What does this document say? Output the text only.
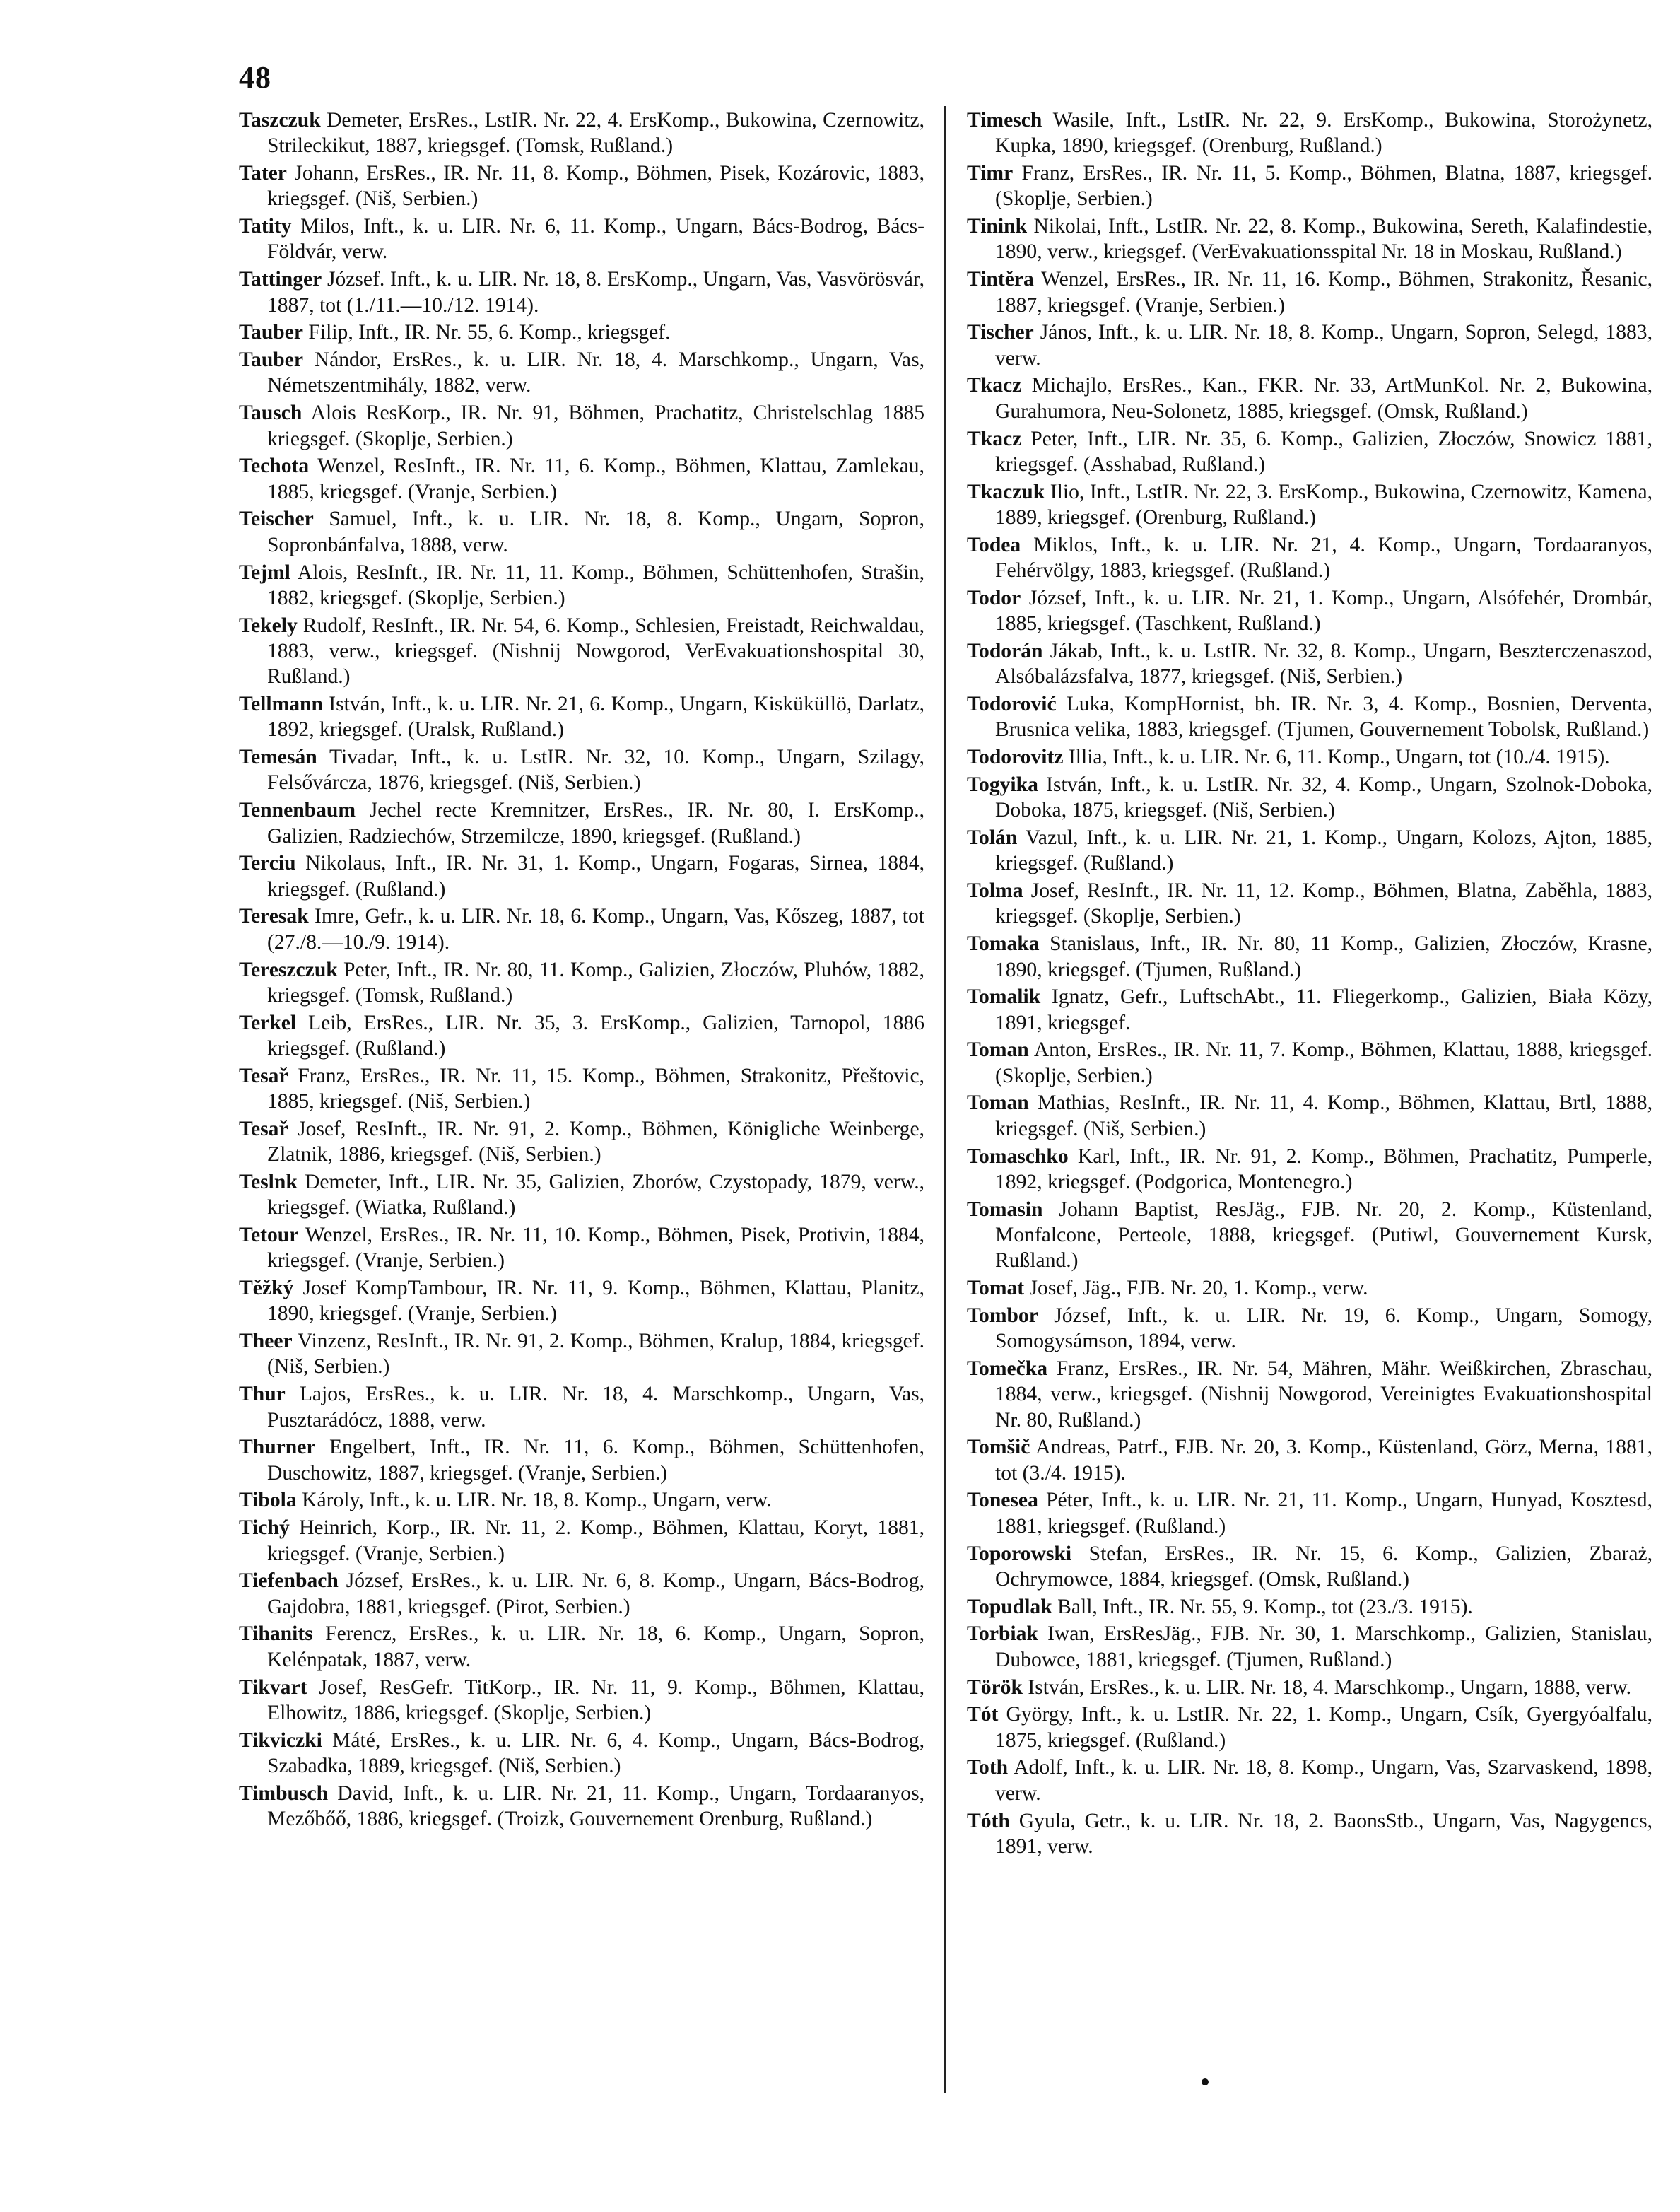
48

Taszczuk Demeter, ErsRes., LstIR. Nr. 22, 4. ErsKomp., Bukowina, Czernowitz, Strileckikut, 1887, kriegsgef. (Tomsk, Rußland.)

Tater Johann, ErsRes., IR. Nr. 11, 8. Komp., Böhmen, Pisek, Kozárovic, 1883, kriegsgef. (Niš, Serbien.)

Tatity Milos, Inft., k. u. LIR. Nr. 6, 11. Komp., Ungarn, Bács-Bodrog, Bács-Földvár, verw.

Tattinger József. Inft., k. u. LIR. Nr. 18, 8. ErsKomp., Ungarn, Vas, Vasvörösvár, 1887, tot (1./11.—10./12. 1914).

Tauber Filip, Inft., IR. Nr. 55, 6. Komp., kriegsgef.

Tauber Nándor, ErsRes., k. u. LIR. Nr. 18, 4. Marschkomp., Ungarn, Vas, Németszentmihály, 1882, verw.

Tausch Alois ResKorp., IR. Nr. 91, Böhmen, Prachatitz, Christelschlag 1885 kriegsgef. (Skoplje, Serbien.)

Techota Wenzel, ResInft., IR. Nr. 11, 6. Komp., Böhmen, Klattau, Zamlekau, 1885, kriegsgef. (Vranje, Serbien.)

Teischer Samuel, Inft., k. u. LIR. Nr. 18, 8. Komp., Ungarn, Sopron, Sopronbánfalva, 1888, verw.

Tejml Alois, ResInft., IR. Nr. 11, 11. Komp., Böhmen, Schüttenhofen, Strašin, 1882, kriegsgef. (Skoplje, Serbien.)

Tekely Rudolf, ResInft., IR. Nr. 54, 6. Komp., Schlesien, Freistadt, Reichwaldau, 1883, verw., kriegsgef. (Nishnij Nowgorod, VerEvakuationshospital 30, Rußland.)

Tellmann István, Inft., k. u. LIR. Nr. 21, 6. Komp., Ungarn, Kisküküllö, Darlatz, 1892, kriegsgef. (Uralsk, Rußland.)

Temesán Tivadar, Inft., k. u. LstIR. Nr. 32, 10. Komp., Ungarn, Szilagy, Felsővárcza, 1876, kriegsgef. (Niš, Serbien.)

Tennenbaum Jechel recte Kremnitzer, ErsRes., IR. Nr. 80, I. ErsKomp., Galizien, Radziechów, Strzemilcze, 1890, kriegsgef. (Rußland.)

Terciu Nikolaus, Inft., IR. Nr. 31, 1. Komp., Ungarn, Fogaras, Sirnea, 1884, kriegsgef. (Rußland.)

Teresak Imre, Gefr., k. u. LIR. Nr. 18, 6. Komp., Ungarn, Vas, Kőszeg, 1887, tot (27./8.—10./9. 1914).

Tereszczuk Peter, Inft., IR. Nr. 80, 11. Komp., Galizien, Złoczów, Pluhów, 1882, kriegsgef. (Tomsk, Rußland.)

Terkel Leib, ErsRes., LIR. Nr. 35, 3. ErsKomp., Galizien, Tarnopol, 1886 kriegsgef. (Rußland.)

Tesař Franz, ErsRes., IR. Nr. 11, 15. Komp., Böhmen, Strakonitz, Přeštovic, 1885, kriegsgef. (Niš, Serbien.)

Tesař Josef, ResInft., IR. Nr. 91, 2. Komp., Böhmen, Königliche Weinberge, Zlatnik, 1886, kriegsgef. (Niš, Serbien.)

Teslnk Demeter, Inft., LIR. Nr. 35, Galizien, Zborów, Czystopady, 1879, verw., kriegsgef. (Wiatka, Rußland.)

Tetour Wenzel, ErsRes., IR. Nr. 11, 10. Komp., Böhmen, Pisek, Protivin, 1884, kriegsgef. (Vranje, Serbien.)

Těžký Josef KompTambour, IR. Nr. 11, 9. Komp., Böhmen, Klattau, Planitz, 1890, kriegsgef. (Vranje, Serbien.)

Theer Vinzenz, ResInft., IR. Nr. 91, 2. Komp., Böhmen, Kralup, 1884, kriegsgef. (Niš, Serbien.)

Thur Lajos, ErsRes., k. u. LIR. Nr. 18, 4. Marschkomp., Ungarn, Vas, Pusztarádócz, 1888, verw.

Thurner Engelbert, Inft., IR. Nr. 11, 6. Komp., Böhmen, Schüttenhofen, Duschowitz, 1887, kriegsgef. (Vranje, Serbien.)

Tibola Károly, Inft., k. u. LIR. Nr. 18, 8. Komp., Ungarn, verw.

Tichý Heinrich, Korp., IR. Nr. 11, 2. Komp., Böhmen, Klattau, Koryt, 1881, kriegsgef. (Vranje, Serbien.)

Tiefenbach József, ErsRes., k. u. LIR. Nr. 6, 8. Komp., Ungarn, Bács-Bodrog, Gajdobra, 1881, kriegsgef. (Pirot, Serbien.)

Tihanits Ferencz, ErsRes., k. u. LIR. Nr. 18, 6. Komp., Ungarn, Sopron, Kelénpatak, 1887, verw.

Tikvart Josef, ResGefr. TitKorp., IR. Nr. 11, 9. Komp., Böhmen, Klattau, Elhowitz, 1886, kriegsgef. (Skoplje, Serbien.)

Tikviczki Máté, ErsRes., k. u. LIR. Nr. 6, 4. Komp., Ungarn, Bács-Bodrog, Szabadka, 1889, kriegsgef. (Niš, Serbien.)

Timbusch David, Inft., k. u. LIR. Nr. 21, 11. Komp., Ungarn, Tordaaranyos, Mezőbőő, 1886, kriegsgef. (Troizk, Gouvernement Orenburg, Rußland.)

Timesch Wasile, Inft., LstIR. Nr. 22, 9. ErsKomp., Bukowina, Storożynetz, Kupka, 1890, kriegsgef. (Orenburg, Rußland.)

Timr Franz, ErsRes., IR. Nr. 11, 5. Komp., Böhmen, Blatna, 1887, kriegsgef. (Skoplje, Serbien.)

Tinink Nikolai, Inft., LstIR. Nr. 22, 8. Komp., Bukowina, Sereth, Kalafindestie, 1890, verw., kriegsgef. (VerEvakuationsspital Nr. 18 in Moskau, Rußland.)

Tintěra Wenzel, ErsRes., IR. Nr. 11, 16. Komp., Böhmen, Strakonitz, Řesanic, 1887, kriegsgef. (Vranje, Serbien.)

Tischer János, Inft., k. u. LIR. Nr. 18, 8. Komp., Ungarn, Sopron, Selegd, 1883, verw.

Tkacz Michajlo, ErsRes., Kan., FKR. Nr. 33, ArtMunKol. Nr. 2, Bukowina, Gurahumora, Neu-Solonetz, 1885, kriegsgef. (Omsk, Rußland.)

Tkacz Peter, Inft., LIR. Nr. 35, 6. Komp., Galizien, Złoczów, Snowicz 1881, kriegsgef. (Asshabad, Rußland.)

Tkaczuk Ilio, Inft., LstIR. Nr. 22, 3. ErsKomp., Bukowina, Czernowitz, Kamena, 1889, kriegsgef. (Orenburg, Rußland.)

Todea Miklos, Inft., k. u. LIR. Nr. 21, 4. Komp., Ungarn, Tordaaranyos, Fehérvölgy, 1883, kriegsgef. (Rußland.)

Todor József, Inft., k. u. LIR. Nr. 21, 1. Komp., Ungarn, Alsófehér, Drombár, 1885, kriegsgef. (Taschkent, Rußland.)

Todorán Jákab, Inft., k. u. LstIR. Nr. 32, 8. Komp., Ungarn, Beszterczenaszod, Alsóbalázsfalva, 1877, kriegsgef. (Niš, Serbien.)

Todorović Luka, KompHornist, bh. IR. Nr. 3, 4. Komp., Bosnien, Derventa, Brusnica velika, 1883, kriegsgef. (Tjumen, Gouvernement Tobolsk, Rußland.)

Todorovitz Illia, Inft., k. u. LIR. Nr. 6, 11. Komp., Ungarn, tot (10./4. 1915).

Togyika István, Inft., k. u. LstIR. Nr. 32, 4. Komp., Ungarn, Szolnok-Doboka, Doboka, 1875, kriegsgef. (Niš, Serbien.)

Tolán Vazul, Inft., k. u. LIR. Nr. 21, 1. Komp., Ungarn, Kolozs, Ajton, 1885, kriegsgef. (Rußland.)

Tolma Josef, ResInft., IR. Nr. 11, 12. Komp., Böhmen, Blatna, Zaběhla, 1883, kriegsgef. (Skoplje, Serbien.)

Tomaka Stanislaus, Inft., IR. Nr. 80, 11 Komp., Galizien, Złoczów, Krasne, 1890, kriegsgef. (Tjumen, Rußland.)

Tomalik Ignatz, Gefr., LuftschAbt., 11. Fliegerkomp., Galizien, Biała Közy, 1891, kriegsgef.

Toman Anton, ErsRes., IR. Nr. 11, 7. Komp., Böhmen, Klattau, 1888, kriegsgef. (Skoplje, Serbien.)

Toman Mathias, ResInft., IR. Nr. 11, 4. Komp., Böhmen, Klattau, Brtl, 1888, kriegsgef. (Niš, Serbien.)

Tomaschko Karl, Inft., IR. Nr. 91, 2. Komp., Böhmen, Prachatitz, Pumperle, 1892, kriegsgef. (Podgorica, Montenegro.)

Tomasin Johann Baptist, ResJäg., FJB. Nr. 20, 2. Komp., Küstenland, Monfalcone, Perteole, 1888, kriegsgef. (Putiwl, Gouvernement Kursk, Rußland.)

Tomat Josef, Jäg., FJB. Nr. 20, 1. Komp., verw.

Tombor József, Inft., k. u. LIR. Nr. 19, 6. Komp., Ungarn, Somogy, Somogysámson, 1894, verw.

Tomečka Franz, ErsRes., IR. Nr. 54, Mähren, Mähr. Weißkirchen, Zbraschau, 1884, verw., kriegsgef. (Nishnij Nowgorod, Vereinigtes Evakuationshospital Nr. 80, Rußland.)

Tomšič Andreas, Patrf., FJB. Nr. 20, 3. Komp., Küstenland, Görz, Merna, 1881, tot (3./4. 1915).

Tonesea Péter, Inft., k. u. LIR. Nr. 21, 11. Komp., Ungarn, Hunyad, Kosztesd, 1881, kriegsgef. (Rußland.)

Toporowski Stefan, ErsRes., IR. Nr. 15, 6. Komp., Galizien, Zbaraż, Ochrymowce, 1884, kriegsgef. (Omsk, Rußland.)

Topudlak Ball, Inft., IR. Nr. 55, 9. Komp., tot (23./3. 1915).

Torbiak Iwan, ErsResJäg., FJB. Nr. 30, 1. Marschkomp., Galizien, Stanislau, Dubowce, 1881, kriegsgef. (Tjumen, Rußland.)

Török István, ErsRes., k. u. LIR. Nr. 18, 4. Marschkomp., Ungarn, 1888, verw.

Tót György, Inft., k. u. LstIR. Nr. 22, 1. Komp., Ungarn, Csík, Gyergyóalfalu, 1875, kriegsgef. (Rußland.)

Toth Adolf, Inft., k. u. LIR. Nr. 18, 8. Komp., Ungarn, Vas, Szarvaskend, 1898, verw.

Tóth Gyula, Getr., k. u. LIR. Nr. 18, 2. BaonsStb., Ungarn, Vas, Nagygencs, 1891, verw.
